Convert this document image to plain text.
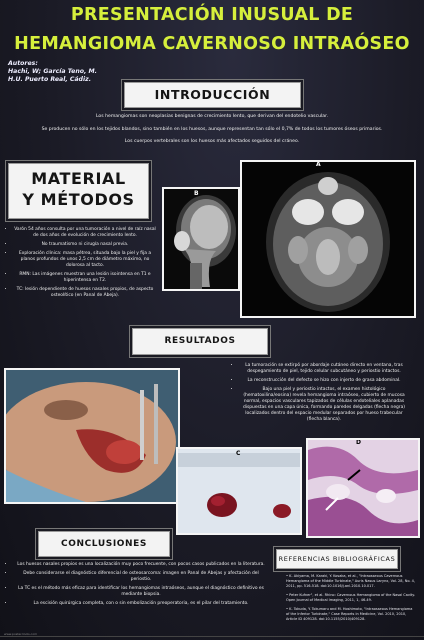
PRESENTACIÓN INUSUAL DE
HEMANGIOMA CAVERNOSO INTRAÓSEO
Autores:
Hachi, W; García Teno, M.
H.U. Puerto Real, Cádiz.
INTRODUCCIÓN
Los hemangiomas son neoplasias benignas de crecimiento lento, que derivan del endotelio vascular.
Se producen no sólo en los tejidos blandos, sino también en los huesos, aunque representan tan sólo el 0,7% de todos los tumores óseos primarios.
Los cuerpos vertebrales son los huesos más afectados seguidos del cráneo.
MATERIAL
Y MÉTODOS
• Varón 54 años consulta por una tumoración a nivel de raíz nasal de dos años de evolución de crecimiento lento.
• No traumatismo ni cirugía nasal previa.
• Exploración clínica: masa pétrea, situada bajo la piel y fija a planos profundos de unos 2,5 cm de diámetro máximo, no dolorosa al tacto.
• RMN: Las imágenes muestran una lesión isointensa en T1 e hiperintensa en T2.
• TC: lesión dependiente de huesos nasales propios, de aspecto osteolítico (en Panal de Abeja).
B
A
RESULTADOS
• La tumoración se extirpó por abordaje cutáneo directo en ventana, tras despegamiento de piel, tejido celular subcutáneo y periostio intactos.
• La reconstrucción del defecto se hizo con injerto de grasa abdominal.
• Bajo una piel y periostio intactos, el examen histológico (hematoxilina/eosina) revela hemangioma intraóseo, cubierto de mucosa normal, espacios vasculares tapizados de células endoteliales aplanadas dispuestas en una capa única, formando paredes delgadas (flecha negra) localizados dentro del espacio medular separados por hueso trabecular (flecha blanca).
C
D
CONCLUSIONES
• Los huesos nasales propios es una localización muy poco frecuente, con pocos casos publicados en la literatura.
• Debe considerarse el diagnóstico diferencial de osteosarcoma: imagen en Panal de Abejas y afectación del periostio.
• La TC es el método más eficaz para identificar los hemangiomas intraóseos, aunque el diagnóstico definitivo es mediante biopsia.
• La escisión quirúrgica completa, con o sin embolización preoperatoria, es el pilar del tratamiento.
REFERENCIAS BIBLIOGRÁFICAS

• K. Akiyama, M. Karaki, Y. Kosaka, et al., "Intraosseous Cavernous Hemangioma of the Middle Turbinate," Auris Nasus Larynx, Vol. 28, No. 4, 2011, pp. 516-518. doi:10.1016/j.anl.2010.10.017.

• Peter Kufner", et al. Rhino: Cavernous Hemangioma of the Nasal Cavity. Open Journal of Medical Imaging, 2011, 1, 46-49.

• K. Tokuda, Y. Tokumaru and M. Hoshimoto, "Intraosseous Hemangioma of the Inferior Turbinate," Case Reports in Medicine, Vol. 2010, 2010, Article ID 409128. doi:10.1155/2010/409128.

www.poster-tools.com
